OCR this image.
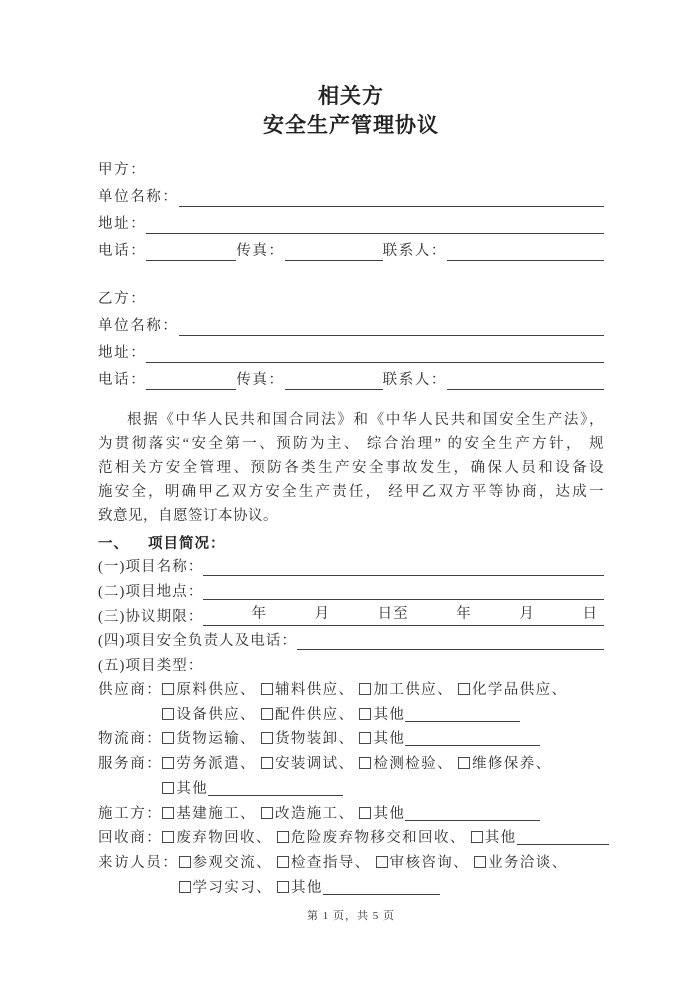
相关方
安全生产管理协议
甲方：
单位名称：
地址：
电话：	传真：	联系人：
乙方：
单位名称：
地址：
电话：	传真：	联系人：
根据《中华人民共和国合同法》和《中华人民共和国安全生产法》，
为贯彻落实“安全第一、预防为主、 综合治理” 的安全生产方针， 规
范相关方安全管理、预防各类生产安全事故发生，确保人员和设备设
施安全，明确甲乙双方安全生产责任， 经甲乙双方平等协商，达成一
致意见，自愿签订本协议。
一、 项目简况：
(一)项目名称：
(二)项目地点：
(三)协议期限：	年	月	日至	年	月	日
(四)项目安全负责人及电话：
(五)项目类型：
供应商： 原料供应、 辅料供应、 加工供应、 化学品供应、
设备供应、 配件供应、 其他
物流商： 货物运输、 货物装卸、 其他
服务商： 劳务派遣、 安装调试、 检测检验、 维修保养、
其他
施工方： 基建施工、 改造施工、 其他
回收商： 废弃物回收、 危险废弃物移交和回收、 其他
来访人员： 参观交流、 检查指导、 审核咨询、 业务洽谈、
学习实习、 其他
第 1 页，共 5 页
